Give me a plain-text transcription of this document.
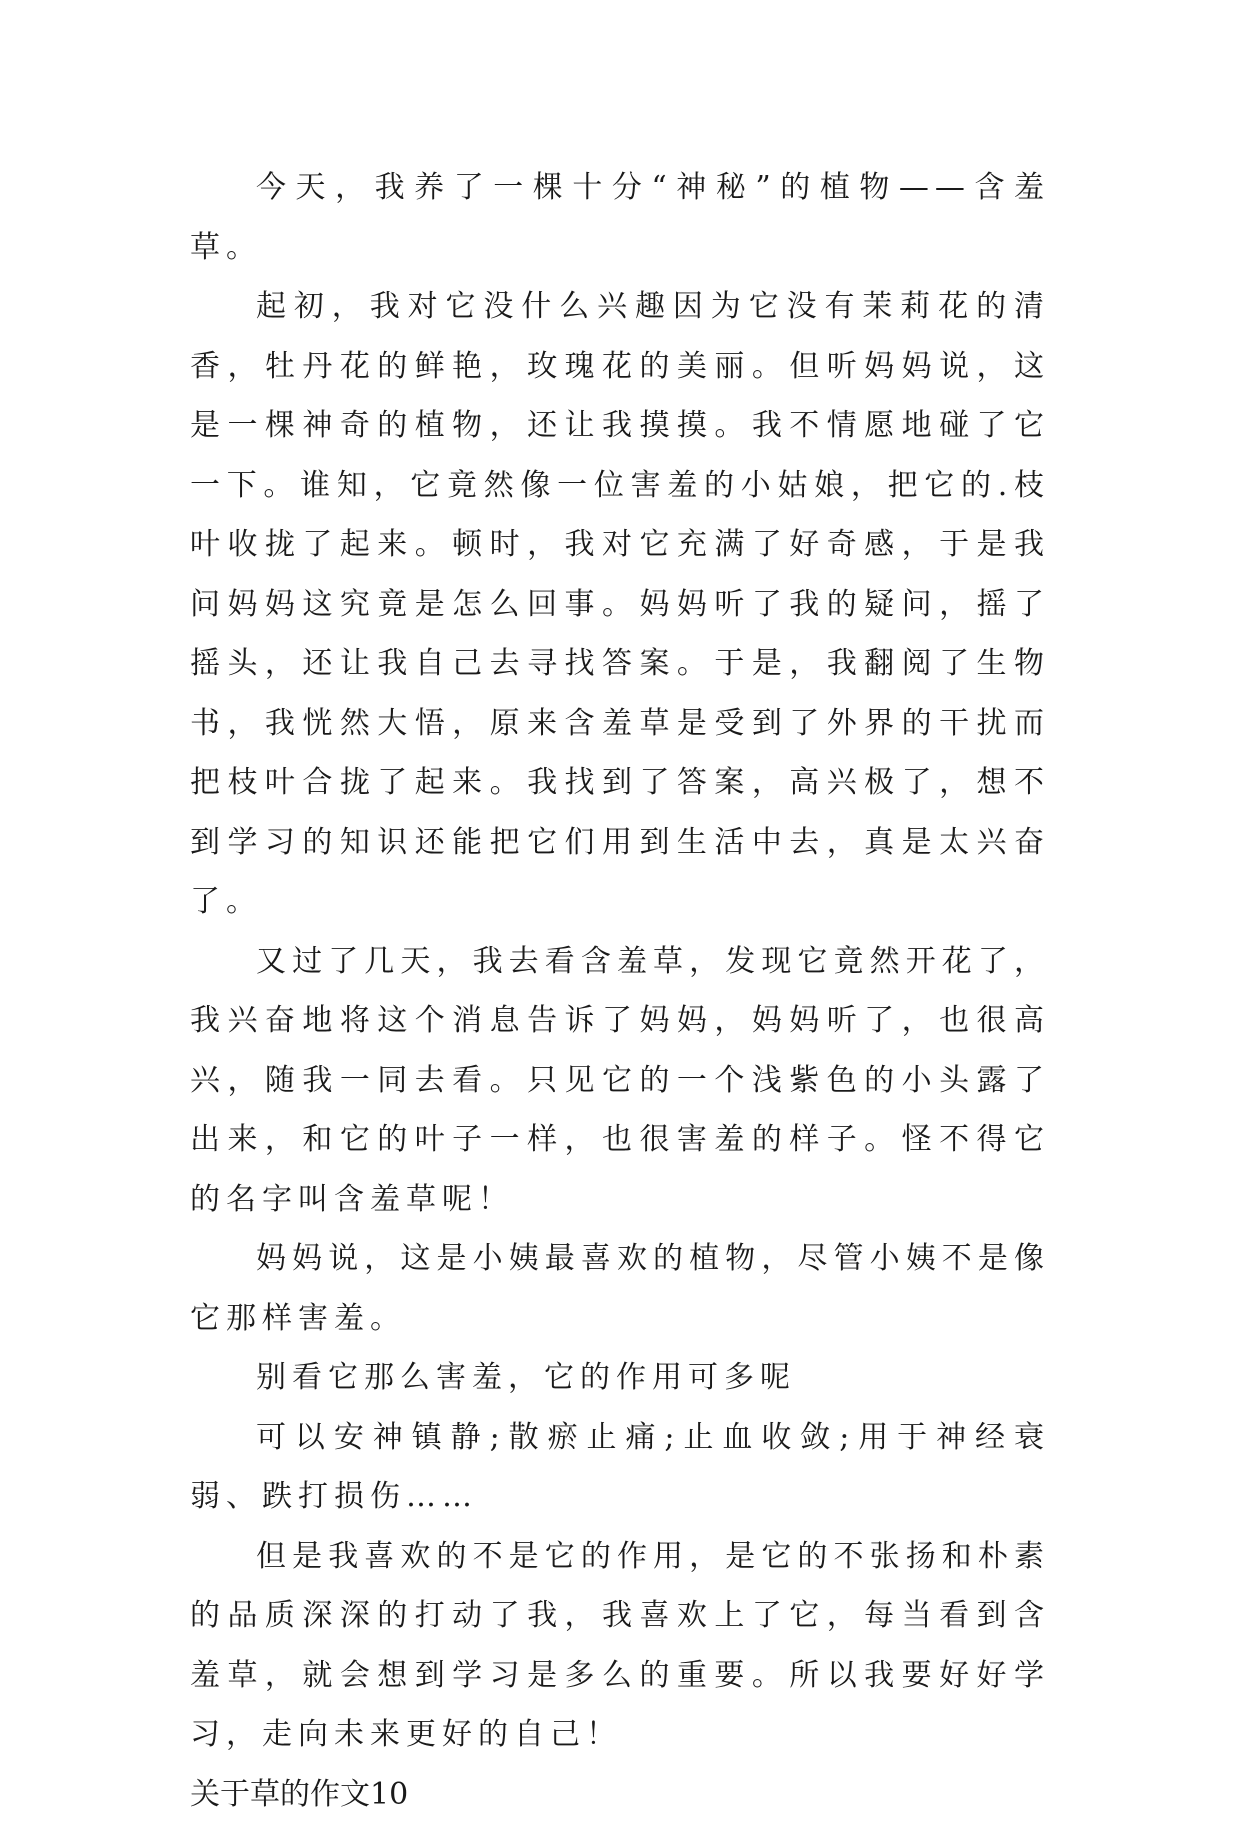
今天，我养了一棵十分“神秘”的植物——含羞草。

起初，我对它没什么兴趣因为它没有茉莉花的清香，牡丹花的鲜艳，玫瑰花的美丽。但听妈妈说，这是一棵神奇的植物，还让我摸摸。我不情愿地碰了它一下。谁知，它竟然像一位害羞的小姑娘，把它的.枝叶收拢了起来。顿时，我对它充满了好奇感，于是我问妈妈这究竟是怎么回事。妈妈听了我的疑问，摇了摇头，还让我自己去寻找答案。于是，我翻阅了生物书，我恍然大悟，原来含羞草是受到了外界的干扰而把枝叶合拢了起来。我找到了答案，高兴极了，想不到学习的知识还能把它们用到生活中去，真是太兴奋了。

又过了几天，我去看含羞草，发现它竟然开花了，我兴奋地将这个消息告诉了妈妈，妈妈听了，也很高兴，随我一同去看。只见它的一个浅紫色的小头露了出来，和它的叶子一样，也很害羞的样子。怪不得它的名字叫含羞草呢！

妈妈说，这是小姨最喜欢的植物，尽管小姨不是像它那样害羞。

别看它那么害羞，它的作用可多呢

可以安神镇静;散瘀止痛;止血收敛;用于神经衰弱、跌打损伤……

但是我喜欢的不是它的作用，是它的不张扬和朴素的品质深深的打动了我，我喜欢上了它，每当看到含羞草，就会想到学习是多么的重要。所以我要好好学习，走向未来更好的自己！

关于草的作文10
